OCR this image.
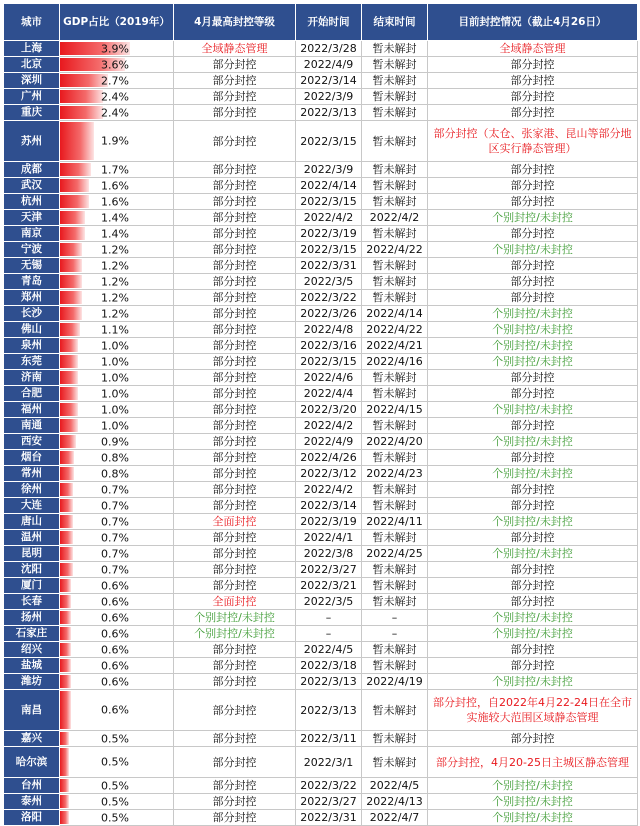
城市	GDP占比（2019年）	4月最高封控等级	开始时间	结束时间	目前封控情况（截止4月26日）
上海	3.9%	全域静态管理	2022/3/28	暂未解封	全域静态管理
北京	3.6%	部分封控	2022/4/9	暂未解封	部分封控
深圳	2.7%	部分封控	2022/3/14	暂未解封	部分封控
广州	2.4%	部分封控	2022/3/9	暂未解封	部分封控
重庆	2.4%	部分封控	2022/3/13	暂未解封	部分封控
苏州	1.9%	部分封控	2022/3/15	暂未解封	部分封控（太仓、张家港、昆山等部分地区实行静态管理）
成都	1.7%	部分封控	2022/3/9	暂未解封	部分封控
武汉	1.6%	部分封控	2022/4/14	暂未解封	部分封控
杭州	1.6%	部分封控	2022/3/15	暂未解封	部分封控
天津	1.4%	部分封控	2022/4/2	2022/4/2	个别封控/未封控
南京	1.4%	部分封控	2022/3/19	暂未解封	部分封控
宁波	1.2%	部分封控	2022/3/15	2022/4/22	个别封控/未封控
无锡	1.2%	部分封控	2022/3/31	暂未解封	部分封控
青岛	1.2%	部分封控	2022/3/5	暂未解封	部分封控
郑州	1.2%	部分封控	2022/3/22	暂未解封	部分封控
长沙	1.2%	部分封控	2022/3/26	2022/4/14	个别封控/未封控
佛山	1.1%	部分封控	2022/4/8	2022/4/22	个别封控/未封控
泉州	1.0%	部分封控	2022/3/16	2022/4/21	个别封控/未封控
东莞	1.0%	部分封控	2022/3/15	2022/4/16	个别封控/未封控
济南	1.0%	部分封控	2022/4/6	暂未解封	部分封控
合肥	1.0%	部分封控	2022/4/4	暂未解封	部分封控
福州	1.0%	部分封控	2022/3/20	2022/4/15	个别封控/未封控
南通	1.0%	部分封控	2022/4/2	暂未解封	部分封控
西安	0.9%	部分封控	2022/4/9	2022/4/20	个别封控/未封控
烟台	0.8%	部分封控	2022/4/26	暂未解封	部分封控
常州	0.8%	部分封控	2022/3/12	2022/4/23	个别封控/未封控
徐州	0.7%	部分封控	2022/4/2	暂未解封	部分封控
大连	0.7%	部分封控	2022/3/14	暂未解封	部分封控
唐山	0.7%	全面封控	2022/3/19	2022/4/11	个别封控/未封控
温州	0.7%	部分封控	2022/4/1	暂未解封	部分封控
昆明	0.7%	部分封控	2022/3/8	2022/4/25	个别封控/未封控
沈阳	0.7%	部分封控	2022/3/27	暂未解封	部分封控
厦门	0.6%	部分封控	2022/3/21	暂未解封	部分封控
长春	0.6%	全面封控	2022/3/5	暂未解封	部分封控
扬州	0.6%	个别封控/未封控	–	–	个别封控/未封控
石家庄	0.6%	个别封控/未封控	–	–	个别封控/未封控
绍兴	0.6%	部分封控	2022/4/5	暂未解封	部分封控
盐城	0.6%	部分封控	2022/3/18	暂未解封	部分封控
潍坊	0.6%	部分封控	2022/3/13	2022/4/19	个别封控/未封控
南昌	0.6%	部分封控	2022/3/13	暂未解封	部分封控，自2022年4月22-24日在全市实施较大范围区域静态管理
嘉兴	0.5%	部分封控	2022/3/11	暂未解封	部分封控
哈尔滨	0.5%	部分封控	2022/3/1	暂未解封	部分封控，4月20-25日主城区静态管理
台州	0.5%	部分封控	2022/3/22	2022/4/5	个别封控/未封控
泰州	0.5%	部分封控	2022/3/27	2022/4/13	个别封控/未封控
洛阳	0.5%	部分封控	2022/3/31	2022/4/7	个别封控/未封控
